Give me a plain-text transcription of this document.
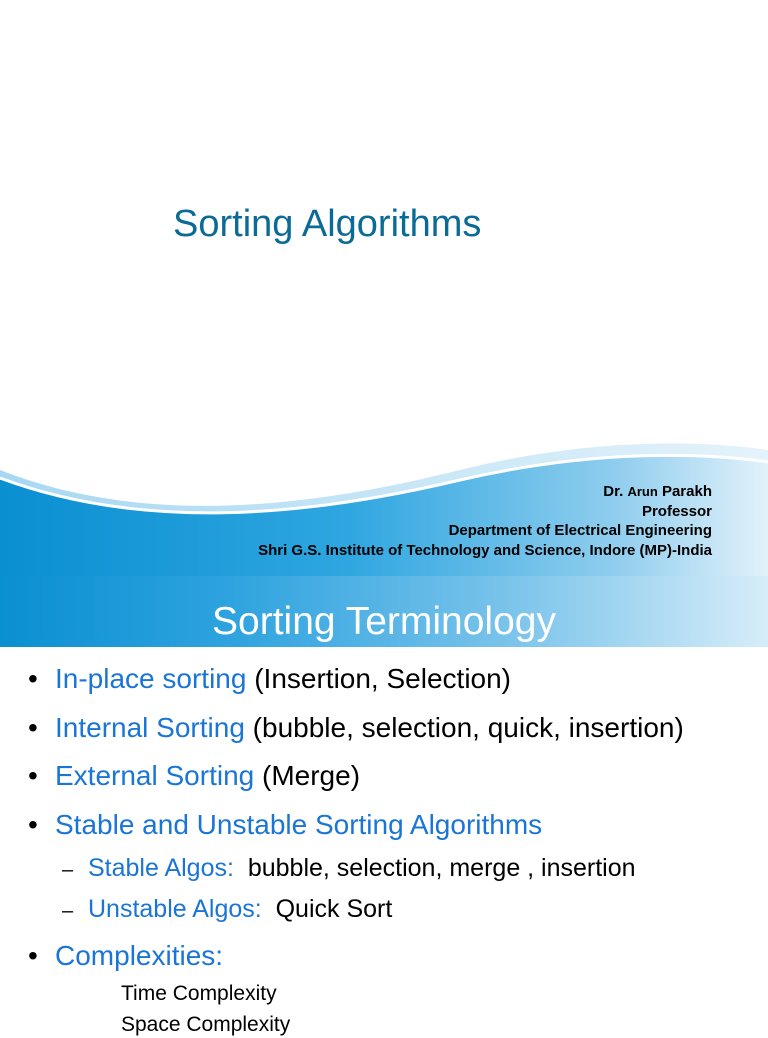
Sorting Algorithms
Dr. Arun Parakh
Professor
Department of Electrical Engineering
Shri G.S. Institute of Technology and Science, Indore (MP)-India
Sorting Terminology
• In-place sorting (Insertion, Selection)
• Internal Sorting (bubble, selection, quick, insertion)
• External Sorting (Merge)
• Stable and Unstable Sorting Algorithms
– Stable Algos:  bubble, selection, merge , insertion
– Unstable Algos:  Quick Sort
• Complexities:
Time Complexity
Space Complexity
